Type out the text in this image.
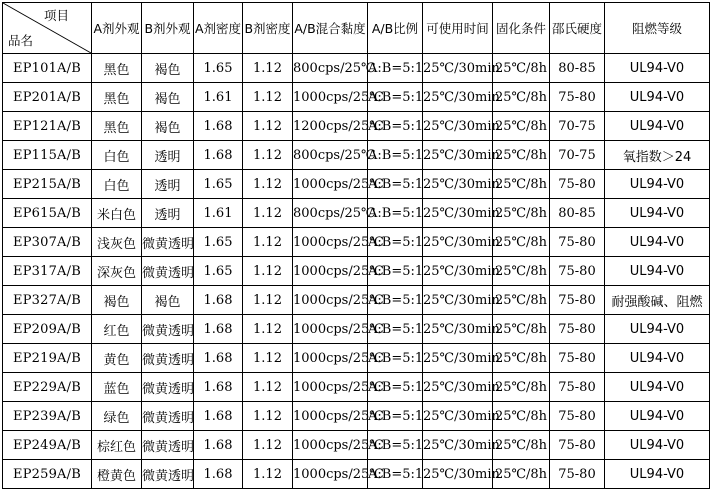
项目
品名	A剂外观	B剂外观	A剂密度	B剂密度	A/B混合黏度	A/B比例	可使用时间	固化条件	邵氏硬度	阻燃等级
EP101A/B	黑色	褐色	1.65	1.12	800cps/25℃	A:B=5:1	25℃/30min	25℃/8h	80-85	UL94-V0
EP201A/B	黑色	褐色	1.61	1.12	1000cps/25℃	A:B=5:1	25℃/30min	25℃/8h	75-80	UL94-V0
EP121A/B	黑色	褐色	1.68	1.12	1200cps/25℃	A:B=5:1	25℃/30min	25℃/8h	70-75	UL94-V0
EP115A/B	白色	透明	1.68	1.12	800cps/25℃	A:B=5:1	25℃/30min	25℃/8h	70-75	氧指数＞24
EP215A/B	白色	透明	1.65	1.12	1000cps/25℃	A:B=5:1	25℃/30min	25℃/8h	75-80	UL94-V0
EP615A/B	米白色	透明	1.61	1.12	800cps/25℃	A:B=5:1	25℃/30min	25℃/8h	80-85	UL94-V0
EP307A/B	浅灰色	微黄透明	1.65	1.12	1000cps/25℃	A:B=5:1	25℃/30min	25℃/8h	75-80	UL94-V0
EP317A/B	深灰色	微黄透明	1.65	1.12	1000cps/25℃	A:B=5:1	25℃/30min	25℃/8h	75-80	UL94-V0
EP327A/B	褐色	褐色	1.68	1.12	1000cps/25℃	A:B=5:1	25℃/30min	25℃/8h	75-80	耐强酸碱、阻燃
EP209A/B	红色	微黄透明	1.68	1.12	1000cps/25℃	A:B=5:1	25℃/30min	25℃/8h	75-80	UL94-V0
EP219A/B	黄色	微黄透明	1.68	1.12	1000cps/25℃	A:B=5:1	25℃/30min	25℃/8h	75-80	UL94-V0
EP229A/B	蓝色	微黄透明	1.68	1.12	1000cps/25℃	A:B=5:1	25℃/30min	25℃/8h	75-80	UL94-V0
EP239A/B	绿色	微黄透明	1.68	1.12	1000cps/25℃	A:B=5:1	25℃/30min	25℃/8h	75-80	UL94-V0
EP249A/B	棕红色	微黄透明	1.68	1.12	1000cps/25℃	A:B=5:1	25℃/30min	25℃/8h	75-80	UL94-V0
EP259A/B	橙黄色	微黄透明	1.68	1.12	1000cps/25℃	A:B=5:1	25℃/30min	25℃/8h	75-80	UL94-V0
